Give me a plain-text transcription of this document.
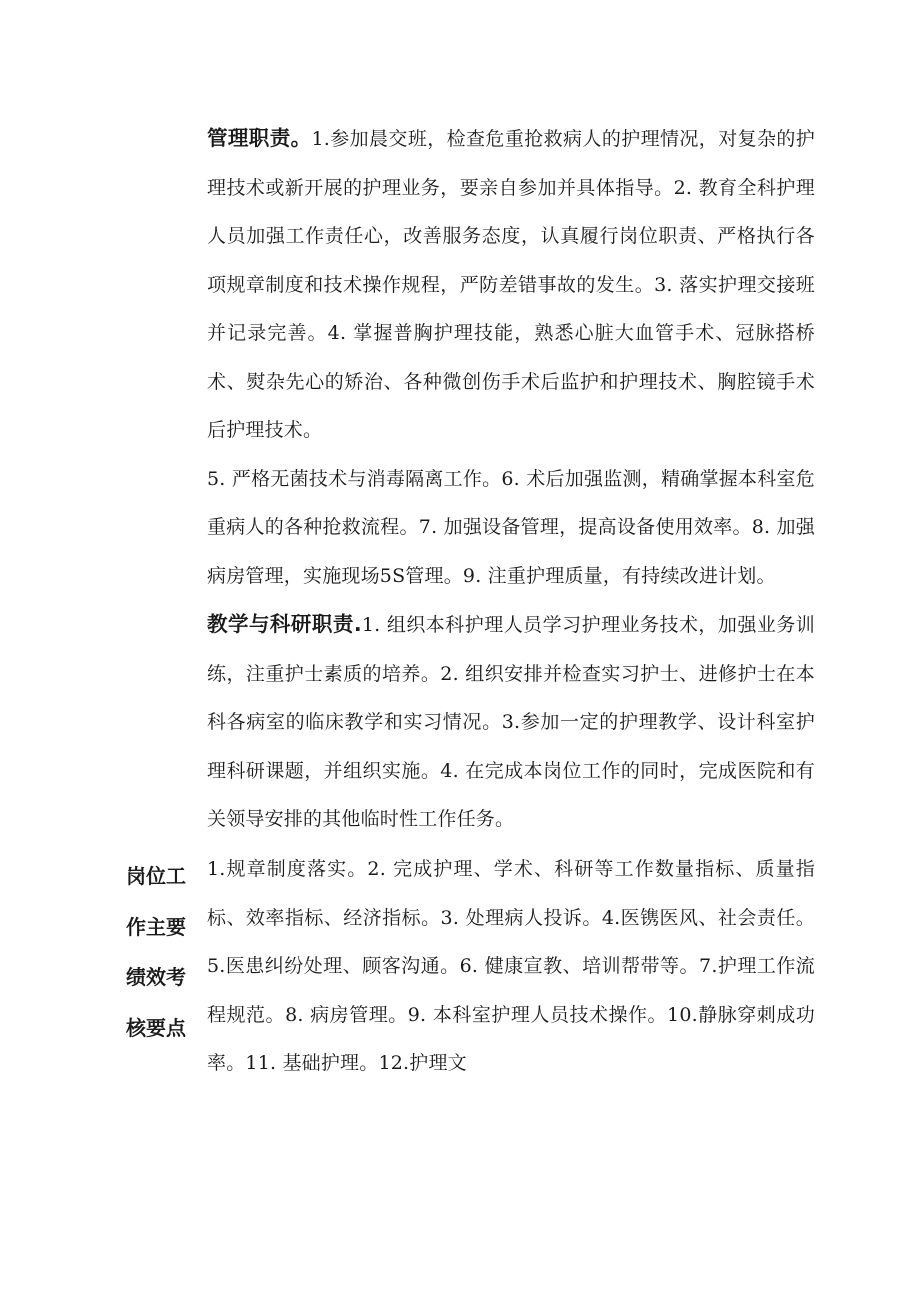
管理职责。1.参加晨交班，检查危重抢救病人的护理情况，对复杂的护理技术或新开展的护理业务，要亲自参加并具体指导。2. 教育全科护理人员加强工作责任心，改善服务态度，认真履行岗位职责、严格执行各项规章制度和技术操作规程，严防差错事故的发生。3. 落实护理交接班并记录完善。4. 掌握普胸护理技能，熟悉心脏大血管手术、冠脉搭桥术、熨杂先心的矫治、各种微创伤手术后监护和护理技术、胸腔镜手术后护理技术。

5. 严格无菌技术与消毒隔离工作。6. 术后加强监测，精确掌握本科室危重病人的各种抢救流程。7. 加强设备管理，提高设备使用效率。8. 加强病房管理，实施现场5S管理。9. 注重护理质量，有持续改进计划。

教学与科研职责.1. 组织本科护理人员学习护理业务技术，加强业务训练，注重护士素质的培养。2. 组织安排并检查实习护士、进修护士在本科各病室的临床教学和实习情况。3.参加一定的护理教学、设计科室护理科研课题，并组织实施。4. 在完成本岗位工作的同时，完成医院和有关领导安排的其他临时性工作任务。

岗位工作主要绩效考核要点

1.规章制度落实。2. 完成护理、学术、科研等工作数量指标、质量指标、效率指标、经济指标。3. 处理病人投诉。4.医镌医风、社会责任。5.医患纠纷处理、顾客沟通。6. 健康宣教、培训帮带等。7.护理工作流程规范。8. 病房管理。9. 本科室护理人员技术操作。10.静脉穿刺成功率。11. 基础护理。12.护理文
